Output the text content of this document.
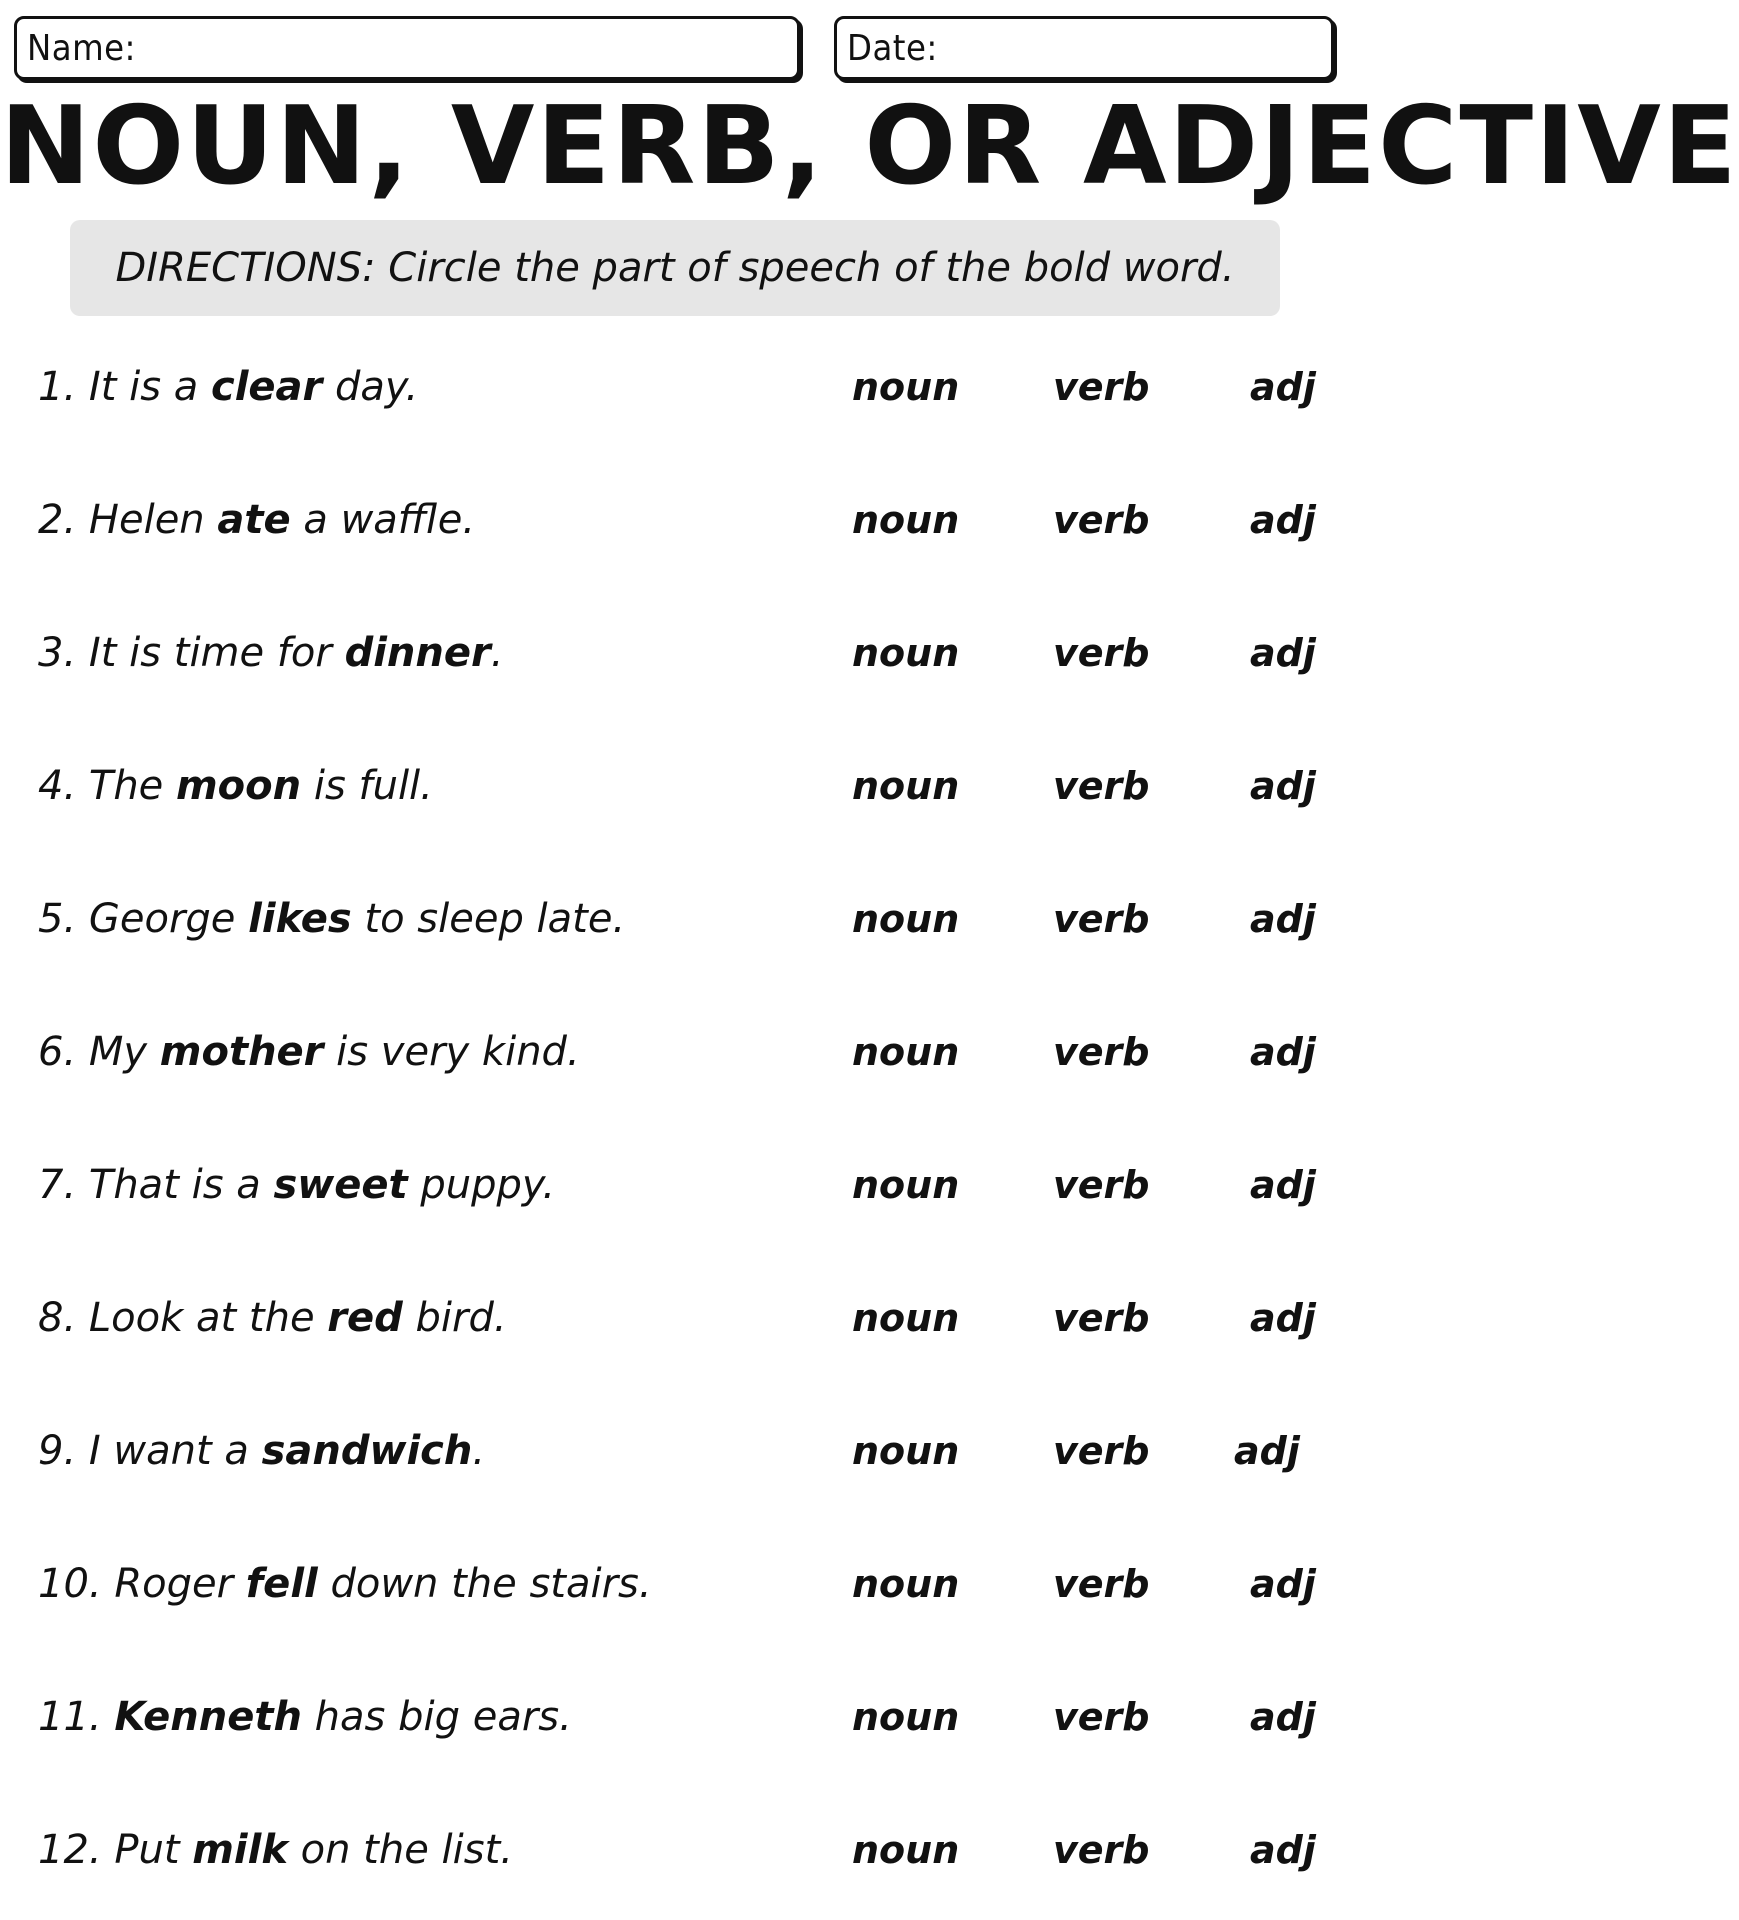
Name:	Date:
NOUN, VERB, OR ADJECTIVE
DIRECTIONS: Circle the part of speech of the bold word.
1. It is a clear day.	noun verb	adj
2. Helen ate a waffle.	noun verb	adj
3. It is time for dinner.	noun verb	adj
4. The moon is full.	noun verb	adj
5. George likes to sleep late.	noun verb	adj
6. My mother is very kind.	noun verb	adj
7. That is a sweet puppy.	noun verb	adj
8. Look at the red bird.	noun verb	adj
9. I want a sandwich.	noun verb adj
10. Roger fell down the stairs.	noun verb	adj
11. Kenneth has big ears.	noun verb	adj
12. Put milk on the list.	noun verb	adj
